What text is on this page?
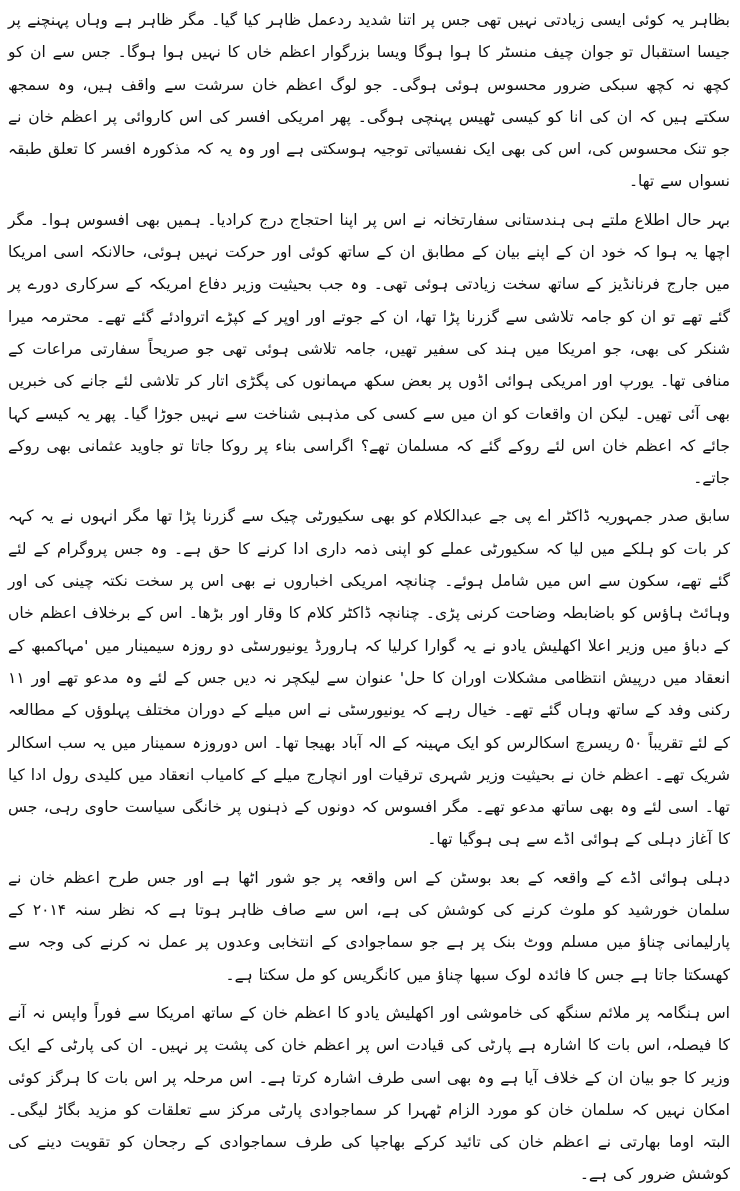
بظاہر یہ کوئی ایسی زیادتی نہیں تھی جس پر اتنا شدید ردعمل ظاہر کیا گیا۔ مگر ظاہر ہے وہاں پہنچنے پر جیسا استقبال تو جوان چیف منسٹر کا ہوا ہوگا ویسا بزرگوار اعظم خاں کا نہیں ہوا ہوگا۔ جس سے ان کو کچھ نہ کچھ سبکی ضرور محسوس ہوئی ہوگی۔ جو لوگ اعظم خان سرشت سے واقف ہیں، وہ سمجھ سکتے ہیں کہ ان کی انا کو کیسی ٹھیس پہنچی ہوگی۔ پھر امریکی افسر کی اس کاروائی پر اعظم خان نے جو تنک محسوس کی، اس کی بھی ایک نفسیاتی توجیہ ہوسکتی ہے اور وہ یہ کہ مذکورہ افسر کا تعلق طبقہ نسواں سے تھا۔

بہر حال اطلاع ملتے ہی ہندستانی سفارتخانہ نے اس پر اپنا احتجاج درج کرادیا۔ ہمیں بھی افسوس ہوا۔ مگر اچھا یہ ہوا کہ خود ان کے اپنے بیان کے مطابق ان کے ساتھ کوئی اور حرکت نہیں ہوئی، حالانکہ اسی امریکا میں جارج فرنانڈیز کے ساتھ سخت زیادتی ہوئی تھی۔ وہ جب بحیثیت وزیر دفاع امریکہ کے سرکاری دورے پر گئے تھے تو ان کو جامہ تلاشی سے گزرنا پڑا تھا، ان کے جوتے اور اوپر کے کپڑے اتروادئے گئے تھے۔ محترمہ میرا شنکر کی بھی، جو امریکا میں ہند کی سفیر تھیں، جامہ تلاشی ہوئی تھی جو صریحاً سفارتی مراعات کے منافی تھا۔ یورپ اور امریکی ہوائی اڈوں پر بعض سکھ مہمانوں کی پگڑی اتار کر تلاشی لئے جانے کی خبریں بھی آئی تھیں۔ لیکن ان واقعات کو ان میں سے کسی کی مذہبی شناخت سے نہیں جوڑا گیا۔ پھر یہ کیسے کہا جائے کہ اعظم خان اس لئے روکے گئے کہ مسلمان تھے؟ اگراسی بناء پر روکا جاتا تو جاوید عثمانی بھی روکے جاتے۔

سابق صدر جمہوریہ ڈاکٹر اے پی جے عبدالکلام کو بھی سکیورٹی چیک سے گزرنا پڑا تھا مگر انہوں نے یہ کہہ کر بات کو ہلکے میں لیا کہ سکیورٹی عملے کو اپنی ذمہ داری ادا کرنے کا حق ہے۔ وہ جس پروگرام کے لئے گئے تھے، سکون سے اس میں شامل ہوئے۔ چنانچہ امریکی اخباروں نے بھی اس پر سخت نکتہ چینی کی اور وہائٹ ہاؤس کو باضابطہ وضاحت کرنی پڑی۔ چنانچہ ڈاکٹر کلام کا وقار اور بڑھا۔ اس کے برخلاف اعظم خاں کے دباؤ میں وزیر اعلا اکھلیش یادو نے یہ گوارا کرلیا کہ ہارورڈ یونیورسٹی دو روزہ سیمینار میں 'مہاکمبھ کے انعقاد میں درپیش انتظامی مشکلات اوران کا حل' عنوان سے لیکچر نہ دیں جس کے لئے وہ مدعو تھے اور ۱۱ رکنی وفد کے ساتھ وہاں گئے تھے۔ خیال رہے کہ یونیورسٹی نے اس میلے کے دوران مختلف پہلوؤں کے مطالعہ کے لئے تقریباً ۵۰ ریسرچ اسکالرس کو ایک مہینہ کے الہ آباد بھیجا تھا۔ اس دوروزہ سمینار میں یہ سب اسکالر شریک تھے۔ اعظم خان نے بحیثیت وزیر شہری ترقیات اور انچارج میلے کے کامیاب انعقاد میں کلیدی رول ادا کیا تھا۔ اسی لئے وہ بھی ساتھ مدعو تھے۔ مگر افسوس کہ دونوں کے ذہنوں پر خانگی سیاست حاوی رہی، جس کا آغاز دہلی کے ہوائی اڈے سے ہی ہوگیا تھا۔

دہلی ہوائی اڈے کے واقعہ کے بعد بوسٹن کے اس واقعہ پر جو شور اٹھا ہے اور جس طرح اعظم خان نے سلمان خورشید کو ملوث کرنے کی کوشش کی ہے، اس سے صاف ظاہر ہوتا ہے کہ نظر سنہ ۲۰۱۴ کے پارلیمانی چناؤ میں مسلم ووٹ بنک پر ہے جو سماجوادی کے انتخابی وعدوں پر عمل نہ کرنے کی وجہ سے کھسکتا جاتا ہے جس کا فائدہ لوک سبھا چناؤ میں کانگریس کو مل سکتا ہے۔

اس ہنگامہ پر ملائم سنگھ کی خاموشی اور اکھلیش یادو کا اعظم خان کے ساتھ امریکا سے فوراً واپس نہ آنے کا فیصلہ، اس بات کا اشارہ ہے پارٹی کی قیادت اس پر اعظم خان کی پشت پر نہیں۔ ان کی پارٹی کے ایک وزیر کا جو بیان ان کے خلاف آیا ہے وہ بھی اسی طرف اشارہ کرتا ہے۔ اس مرحلہ پر اس بات کا ہرگز کوئی امکان نہیں کہ سلمان خان کو مورد الزام ٹھہرا کر سماجوادی پارٹی مرکز سے تعلقات کو مزید بگاڑ لیگی۔ البتہ اوما بھارتی نے اعظم خان کی تائید کرکے بھاجپا کی طرف سماجوادی کے رجحان کو تقویت دینے کی کوشش ضرور کی ہے۔
